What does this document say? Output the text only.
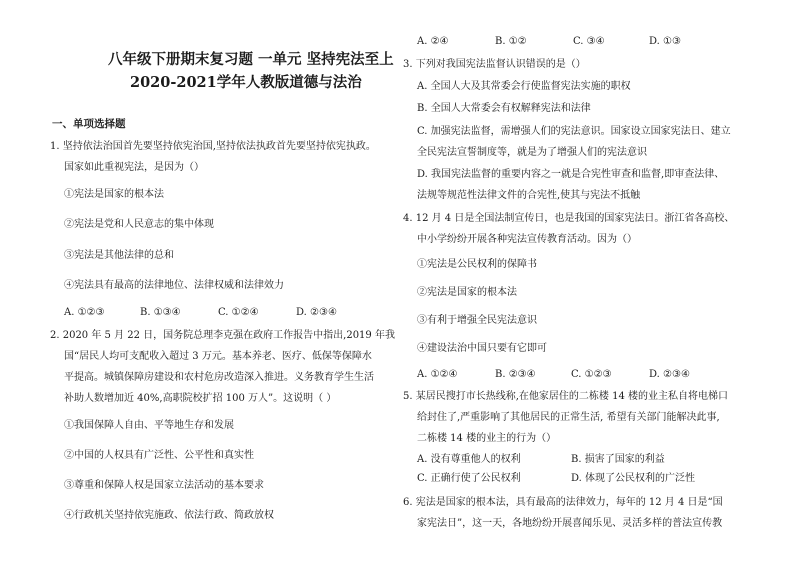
八年级下册期末复习题 一单元 坚持宪法至上
2020-2021学年人教版道德与法治
一、单项选择题
1. 坚持依法治国首先要坚持依宪治国,坚持依法执政首先要坚持依宪执政。
国家如此重视宪法，是因为（）
①宪法是国家的根本法
②宪法是党和人民意志的集中体现
③宪法是其他法律的总和
④宪法具有最高的法律地位、法律权威和法律效力
A. ①②③	B. ①③④	C. ①②④	D. ②③④
2. 2020 年 5 月 22 日，国务院总理李克强在政府工作报告中指出,2019 年我
国“居民人均可支配收入超过 3 万元。基本养老、医疗、低保等保障水
平提高。城镇保障房建设和农村危房改造深入推进。义务教育学生生活
补助人数增加近 40%,高职院校扩招 100 万人”。这说明（ ）
①我国保障人自由、平等地生存和发展
②中国的人权具有广泛性、公平性和真实性
③尊重和保障人权是国家立法活动的基本要求
④行政机关坚持依宪施政、依法行政、简政放权
A. ②④	B. ①②	C. ③④	D. ①③
3. 下列对我国宪法监督认识错误的是（）
A. 全国人大及其常委会行使监督宪法实施的职权
B. 全国人大常委会有权解释宪法和法律
C. 加强宪法监督，需增强人们的宪法意识。国家设立国家宪法日、建立
全民宪法宣誓制度等，就是为了增强人们的宪法意识
D. 我国宪法监督的重要内容之一就是合宪性审查和监督,即审查法律、
法规等规范性法律文件的合宪性,使其与宪法不抵触
4. 12 月 4 日是全国法制宣传日，也是我国的国家宪法日。浙江省各高校、
中小学纷纷开展各种宪法宣传教育活动。因为（）
①宪法是公民权利的保障书
②宪法是国家的根本法
③有利于增强全民宪法意识
④建设法治中国只要有它即可
A. ①②④	B. ②③④	C. ①②③	D. ②③④
5. 某居民搜打市长热线称,在他家居住的二栋楼 14 楼的业主私自将电梯口
给封住了,严重影响了其他居民的正常生活, 希望有关部门能解决此事,
二栋楼 14 楼的业主的行为（）
A. 没有尊重他人的权利	B. 损害了国家的利益
C. 正确行使了公民权利	D. 体现了公民权利的广泛性
6. 宪法是国家的根本法，具有最高的法律效力，每年的 12 月 4 日是“国
家宪法日”，这一天，各地纷纷开展喜闻乐见、灵活多样的普法宣传教
